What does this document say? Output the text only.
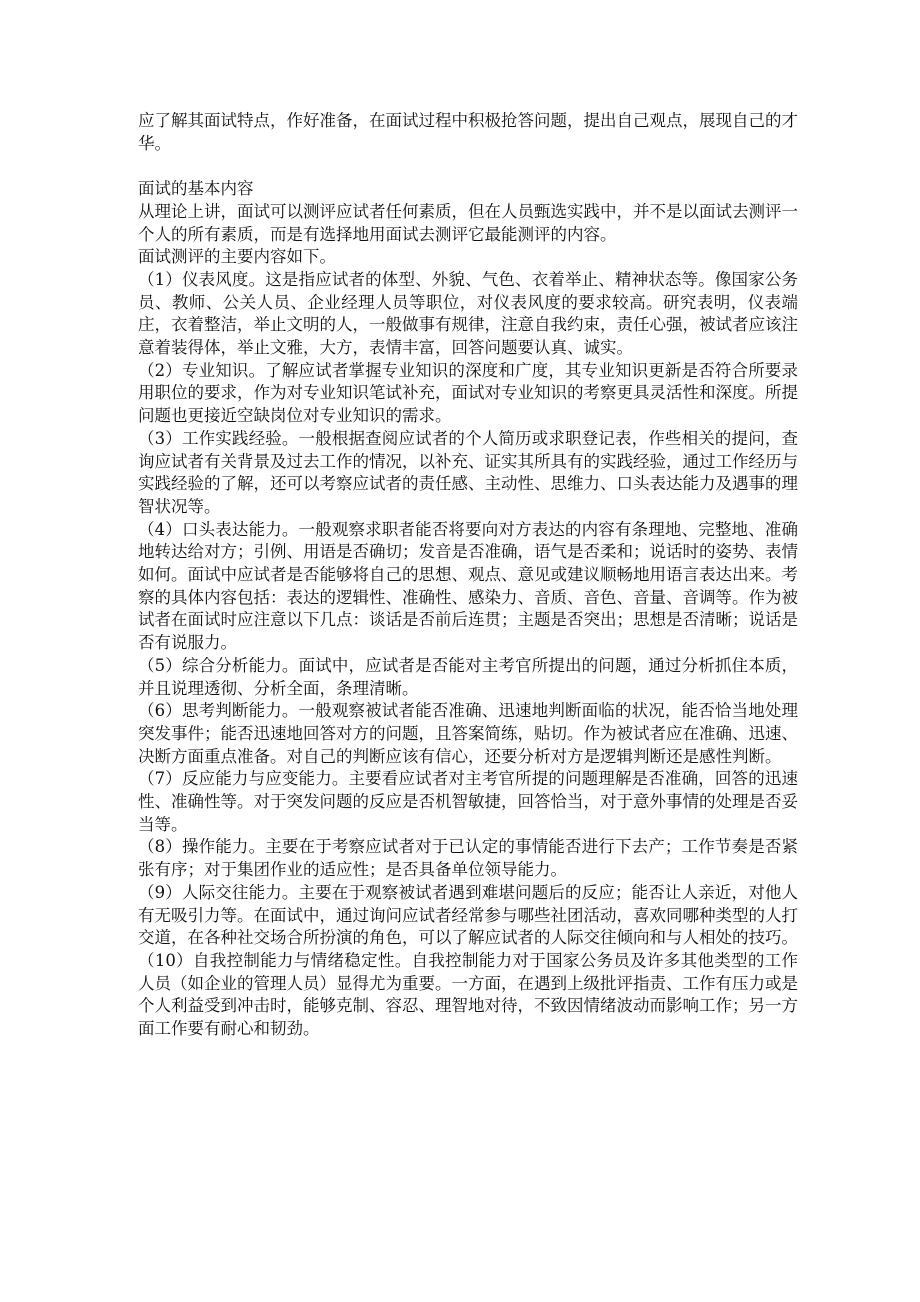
应了解其面试特点，作好准备，在面试过程中积极抢答问题，提出自己观点，展现自己的才华。

面试的基本内容

从理论上讲，面试可以测评应试者任何素质，但在人员甄选实践中，并不是以面试去测评一个人的所有素质，而是有选择地用面试去测评它最能测评的内容。

面试测评的主要内容如下。

（1）仪表风度。这是指应试者的体型、外貌、气色、衣着举止、精神状态等。像国家公务员、教师、公关人员、企业经理人员等职位，对仪表风度的要求较高。研究表明，仪表端庄，衣着整洁，举止文明的人，一般做事有规律，注意自我约束，责任心强，被试者应该注意着装得体，举止文雅，大方，表情丰富，回答问题要认真、诚实。

（2）专业知识。了解应试者掌握专业知识的深度和广度，其专业知识更新是否符合所要录用职位的要求，作为对专业知识笔试补充，面试对专业知识的考察更具灵活性和深度。所提问题也更接近空缺岗位对专业知识的需求。

（3）工作实践经验。一般根据查阅应试者的个人简历或求职登记表，作些相关的提问，查询应试者有关背景及过去工作的情况，以补充、证实其所具有的实践经验，通过工作经历与实践经验的了解，还可以考察应试者的责任感、主动性、思维力、口头表达能力及遇事的理智状况等。

（4）口头表达能力。一般观察求职者能否将要向对方表达的内容有条理地、完整地、准确地转达给对方；引例、用语是否确切；发音是否准确，语气是否柔和；说话时的姿势、表情如何。面试中应试者是否能够将自己的思想、观点、意见或建议顺畅地用语言表达出来。考察的具体内容包括：表达的逻辑性、准确性、感染力、音质、音色、音量、音调等。作为被试者在面试时应注意以下几点：谈话是否前后连贯；主题是否突出；思想是否清晰；说话是否有说服力。

（5）综合分析能力。面试中，应试者是否能对主考官所提出的问题，通过分析抓住本质，并且说理透彻、分析全面，条理清晰。

（6）思考判断能力。一般观察被试者能否准确、迅速地判断面临的状况，能否恰当地处理突发事件；能否迅速地回答对方的问题，且答案简练，贴切。作为被试者应在准确、迅速、决断方面重点准备。对自己的判断应该有信心，还要分析对方是逻辑判断还是感性判断。

（7）反应能力与应变能力。主要看应试者对主考官所提的问题理解是否准确，回答的迅速性、准确性等。对于突发问题的反应是否机智敏捷，回答恰当，对于意外事情的处理是否妥当等。

（8）操作能力。主要在于考察应试者对于已认定的事情能否进行下去产；工作节奏是否紧张有序；对于集团作业的适应性；是否具备单位领导能力。

（9）人际交往能力。主要在于观察被试者遇到难堪问题后的反应；能否让人亲近，对他人有无吸引力等。在面试中，通过询问应试者经常参与哪些社团活动，喜欢同哪种类型的人打交道，在各种社交场合所扮演的角色，可以了解应试者的人际交往倾向和与人相处的技巧。

（10）自我控制能力与情绪稳定性。自我控制能力对于国家公务员及许多其他类型的工作人员（如企业的管理人员）显得尤为重要。一方面，在遇到上级批评指责、工作有压力或是个人利益受到冲击时，能够克制、容忍、理智地对待，不致因情绪波动而影响工作；另一方面工作要有耐心和韧劲。
